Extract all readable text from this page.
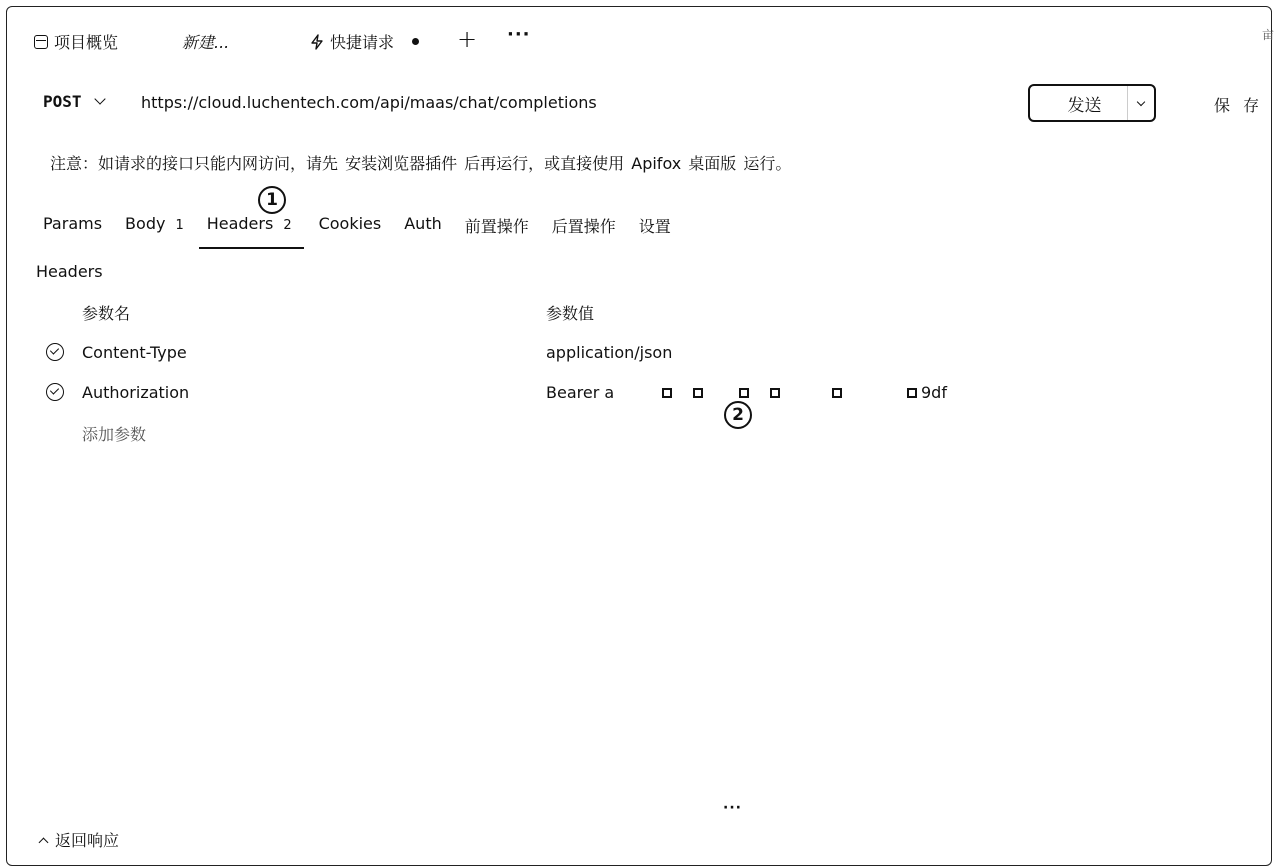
项目概览	新建...	快捷请求	+ ···	亩
POST	https://cloud.luchentech.com/api/maas/chat/completions	发送	保 存
注意：如请求的接口只能内网访问，请先 安装浏览器插件 后再运行，或直接使用 Apifox 桌面版 运行。
Params Body 1 Headers 2 Cookies Auth 前置操作 后置操作 设置
1
Headers
参数名	参数值
Content-Type	application/json
Authorization	Bearer a	9df
2
添加参数
···
返回响应
